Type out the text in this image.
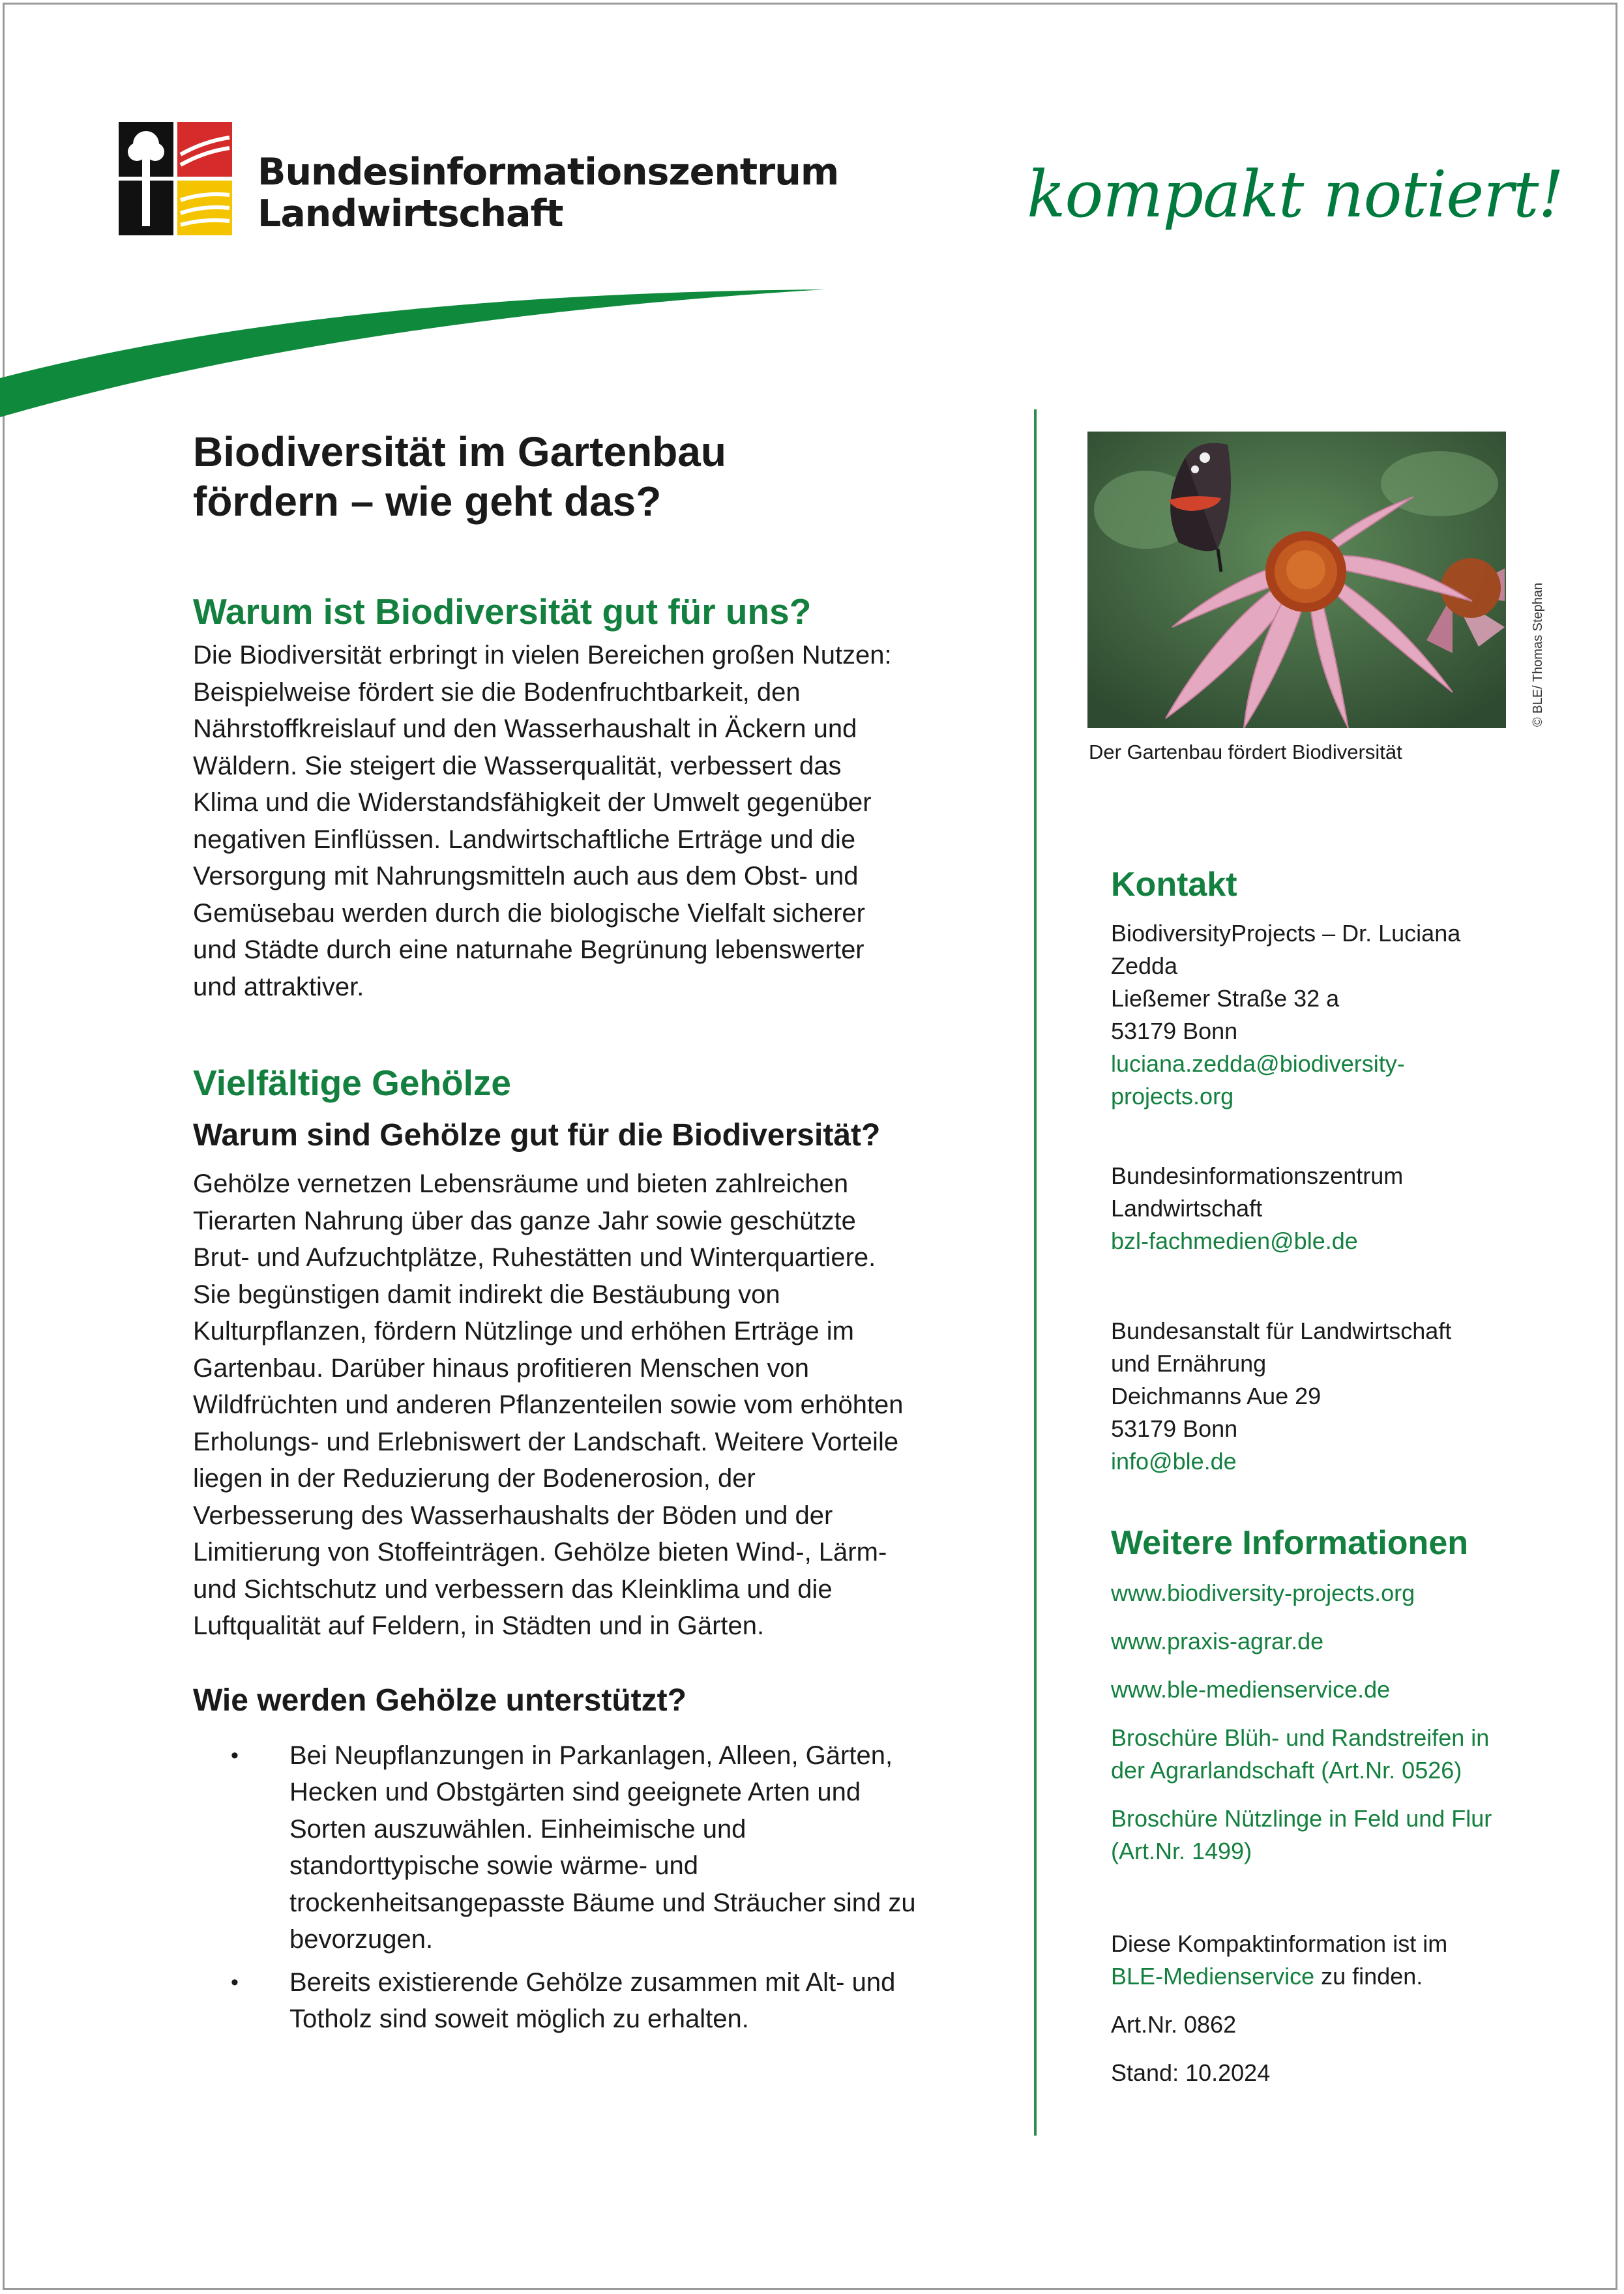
Bundesinformationszentrum
Landwirtschaft	kompakt notiert!
Biodiversität im Gartenbau
fördern – wie geht das?
Warum ist Biodiversität gut für uns?

Die Biodiversität erbringt in vielen Bereichen großen Nutzen:
Beispielweise fördert sie die Bodenfruchtbarkeit, den
Nährstoffkreislauf und den Wasserhaushalt in Äckern und
Wäldern. Sie steigert die Wasserqualität, verbessert das
Klima und die Widerstandsfähigkeit der Umwelt gegenüber
negativen Einflüssen. Landwirtschaftliche Erträge und die
Versorgung mit Nahrungsmitteln auch aus dem Obst- und
Gemüsebau werden durch die biologische Vielfalt sicherer
und Städte durch eine naturnahe Begrünung lebenswerter
und attraktiver.

Vielfältige Gehölze
Warum sind Gehölze gut für die Biodiversität?

Gehölze vernetzen Lebensräume und bieten zahlreichen
Tierarten Nahrung über das ganze Jahr sowie geschützte
Brut- und Aufzuchtplätze, Ruhestätten und Winterquartiere.
Sie begünstigen damit indirekt die Bestäubung von
Kulturpflanzen, fördern Nützlinge und erhöhen Erträge im
Gartenbau. Darüber hinaus profitieren Menschen von
Wildfrüchten und anderen Pflanzenteilen sowie vom erhöhten
Erholungs- und Erlebniswert der Landschaft. Weitere Vorteile
liegen in der Reduzierung der Bodenerosion, der
Verbesserung des Wasserhaushalts der Böden und der
Limitierung von Stoffeinträgen. Gehölze bieten Wind-, Lärm-
und Sichtschutz und verbessern das Kleinklima und die
Luftqualität auf Feldern, in Städten und in Gärten.

Wie werden Gehölze unterstützt?
• Bei Neupflanzungen in Parkanlagen, Alleen, Gärten,
Hecken und Obstgärten sind geeignete Arten und
Sorten auszuwählen. Einheimische und
standorttypische sowie wärme- und
trockenheitsangepasste Bäume und Sträucher sind zu
bevorzugen.
• Bereits existierende Gehölze zusammen mit Alt- und
Totholz sind soweit möglich zu erhalten.
© BLE/ Thomas Stephan
Der Gartenbau fördert Biodiversität
Kontakt

BiodiversityProjects – Dr. Luciana
Zedda
Ließemer Straße 32 a
53179 Bonn

luciana.zedda@biodiversity-
projects.org

Bundesinformationszentrum
Landwirtschaft

bzl-fachmedien@ble.de

Bundesanstalt für Landwirtschaft
und Ernährung
Deichmanns Aue 29
53179 Bonn

info@ble.de

Weitere Informationen

www.biodiversity-projects.org

www.praxis-agrar.de

www.ble-medienservice.de

Broschüre Blüh- und Randstreifen in
der Agrarlandschaft (Art.Nr. 0526)

Broschüre Nützlinge in Feld und Flur
(Art.Nr. 1499)

Diese Kompaktinformation ist im
BLE-Medienservice zu finden.

Art.Nr. 0862

Stand: 10.2024
